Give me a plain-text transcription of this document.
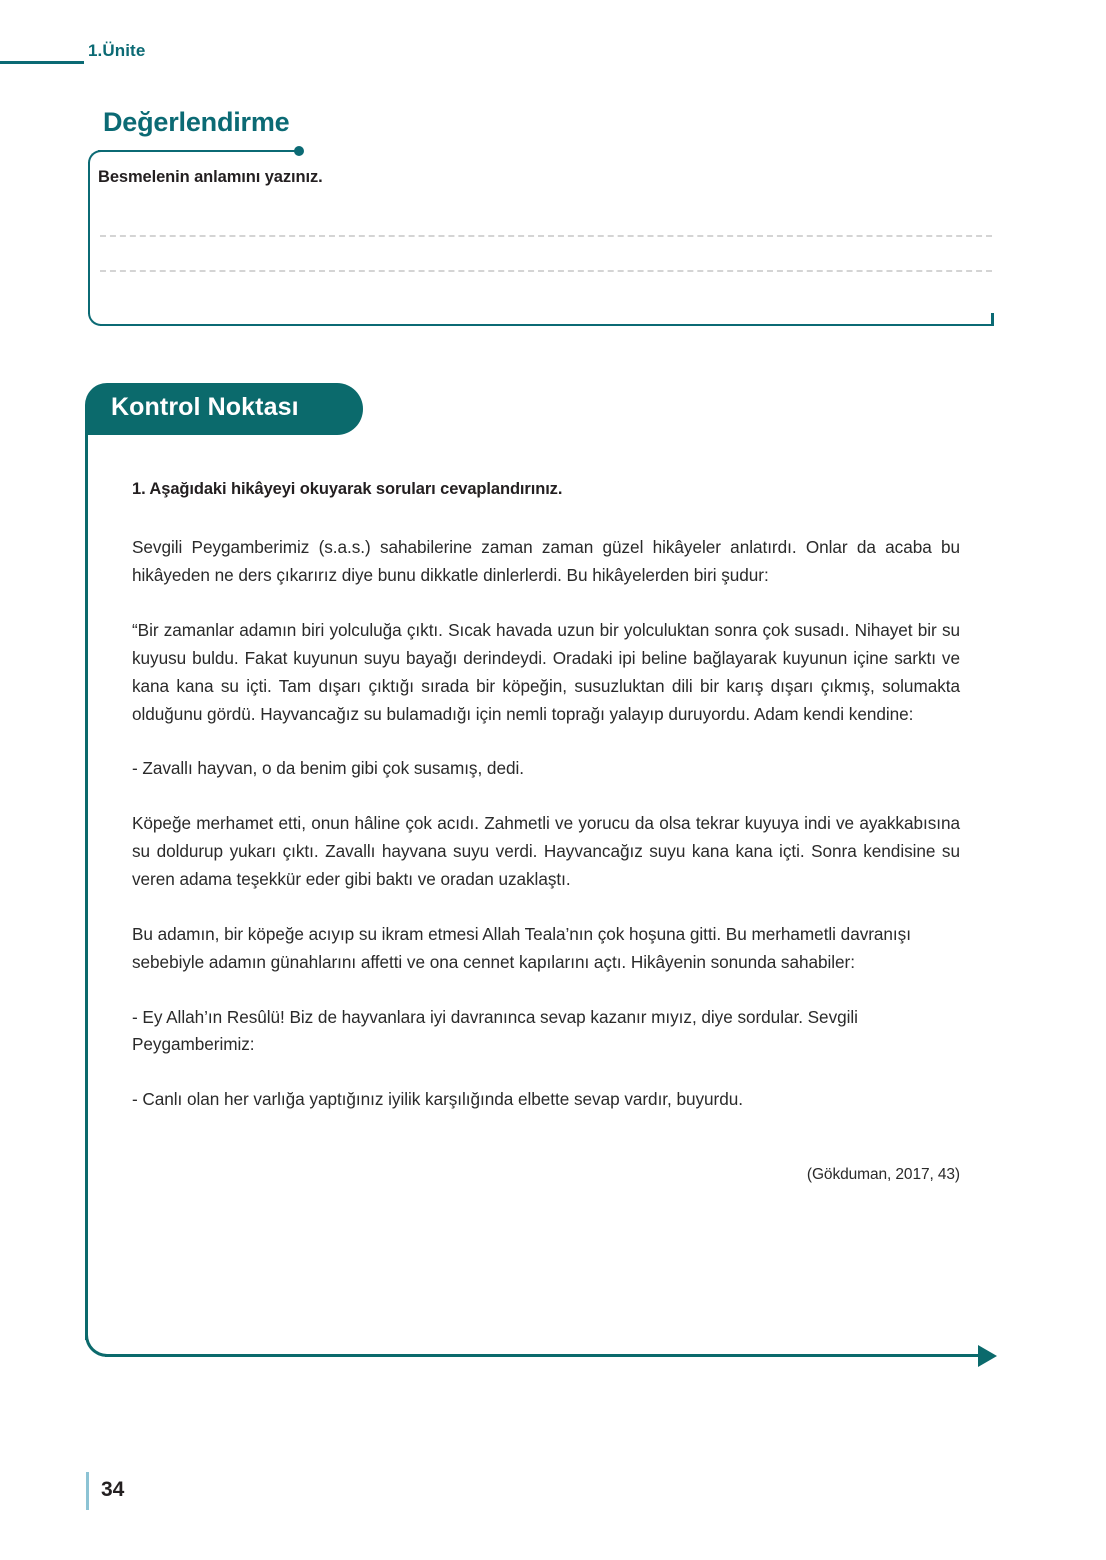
1.Ünite
Değerlendirme
Besmelenin anlamını yazınız.
Kontrol Noktası

1. Aşağıdaki hikâyeyi okuyarak soruları cevaplandırınız.

Sevgili Peygamberimiz (s.a.s.) sahabilerine zaman zaman güzel hikâyeler anlatırdı. Onlar da acaba bu hikâyeden ne ders çıkarırız diye bunu dikkatle dinlerlerdi. Bu hikâyelerden biri şudur:

“Bir zamanlar adamın biri yolculuğa çıktı. Sıcak havada uzun bir yolculuktan sonra çok susadı. Nihayet bir su kuyusu buldu. Fakat kuyunun suyu bayağı derindeydi. Oradaki ipi beline bağlayarak kuyunun içine sarktı ve kana kana su içti. Tam dışarı çıktığı sırada bir köpeğin, susuzluktan dili bir karış dışarı çıkmış, solumakta olduğunu gördü. Hayvancağız su bulamadığı için nemli toprağı yalayıp duruyordu. Adam kendi kendine:

- Zavallı hayvan, o da benim gibi çok susamış, dedi.

Köpeğe merhamet etti, onun hâline çok acıdı. Zahmetli ve yorucu da olsa tekrar kuyuya indi ve ayakkabısına su doldurup yukarı çıktı. Zavallı hayvana suyu verdi. Hayvancağız suyu kana kana içti. Sonra kendisine su veren adama teşekkür eder gibi baktı ve oradan uzaklaştı.

Bu adamın, bir köpeğe acıyıp su ikram etmesi Allah Teala’nın çok hoşuna gitti. Bu merhametli davranışı sebebiyle adamın günahlarını affetti ve ona cennet kapılarını açtı. Hikâyenin sonunda sahabiler:

- Ey Allah’ın Resûlü! Biz de hayvanlara iyi davranınca sevap kazanır mıyız, diye sordular. Sevgili Peygamberimiz:

- Canlı olan her varlığa yaptığınız iyilik karşılığında elbette sevap vardır, buyurdu.

(Gökduman, 2017, 43)

34
